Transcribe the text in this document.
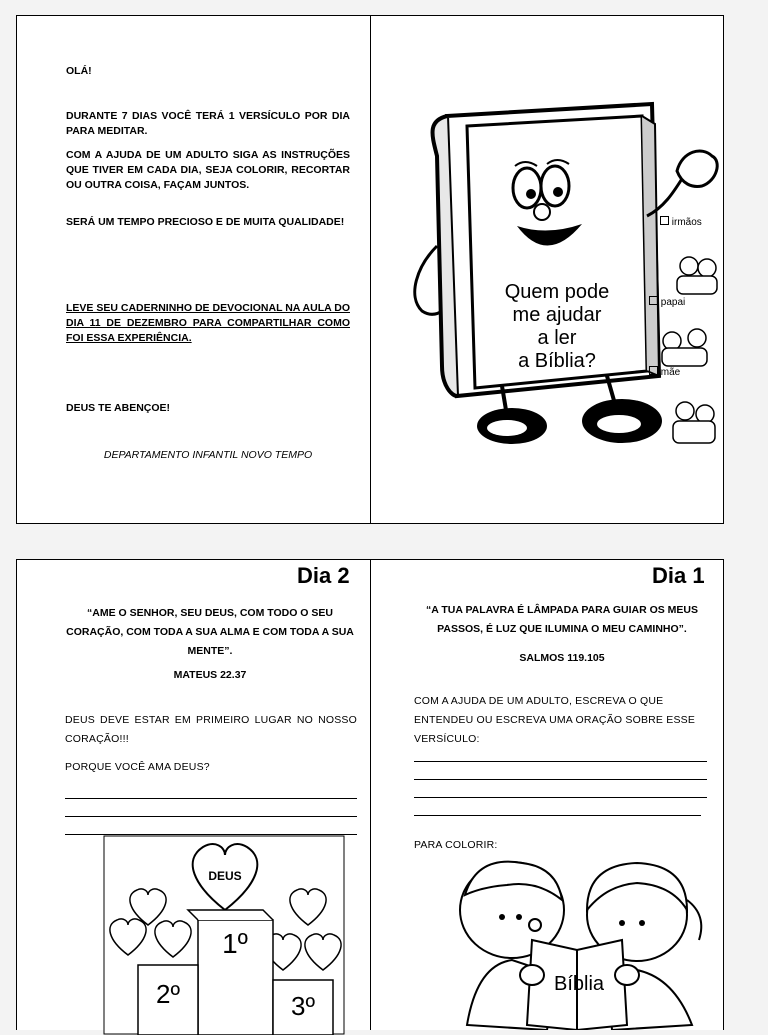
OLÁ!
DURANTE 7 DIAS VOCÊ TERÁ 1 VERSÍCULO POR DIA PARA MEDITAR.
COM A AJUDA DE UM ADULTO SIGA AS INSTRUÇÕES QUE TIVER EM CADA DIA, SEJA COLORIR, RECORTAR OU OUTRA COISA, FAÇAM JUNTOS.
SERÁ UM TEMPO PRECIOSO E DE MUITA QUALIDADE!
LEVE SEU CADERNINHO DE DEVOCIONAL NA AULA DO DIA 11 DE DEZEMBRO PARA COMPARTILHAR COMO FOI ESSA EXPERIÊNCIA.
DEUS TE ABENÇOE!
DEPARTAMENTO INFANTIL NOVO TEMPO
Quem pode
me ajudar
a ler
a Bíblia?
irmãos
papai
mãe
Dia 2
“AME O SENHOR, SEU DEUS, COM TODO O SEU CORAÇÃO, COM TODA A SUA ALMA E COM TODA A SUA MENTE”.
MATEUS 22.37
DEUS DEVE ESTAR EM PRIMEIRO LUGAR NO NOSSO CORAÇÃO!!!
PORQUE VOCÊ AMA DEUS?
DEUS
1º
2º	3º
Dia 1
“A TUA PALAVRA É LÂMPADA PARA GUIAR OS MEUS PASSOS, É LUZ QUE ILUMINA O MEU CAMINHO”.
SALMOS 119.105
COM A AJUDA DE UM ADULTO, ESCREVA O QUE ENTENDEU OU ESCREVA UMA ORAÇÃO SOBRE ESSE VERSÍCULO:
PARA COLORIR:
Bíblia
